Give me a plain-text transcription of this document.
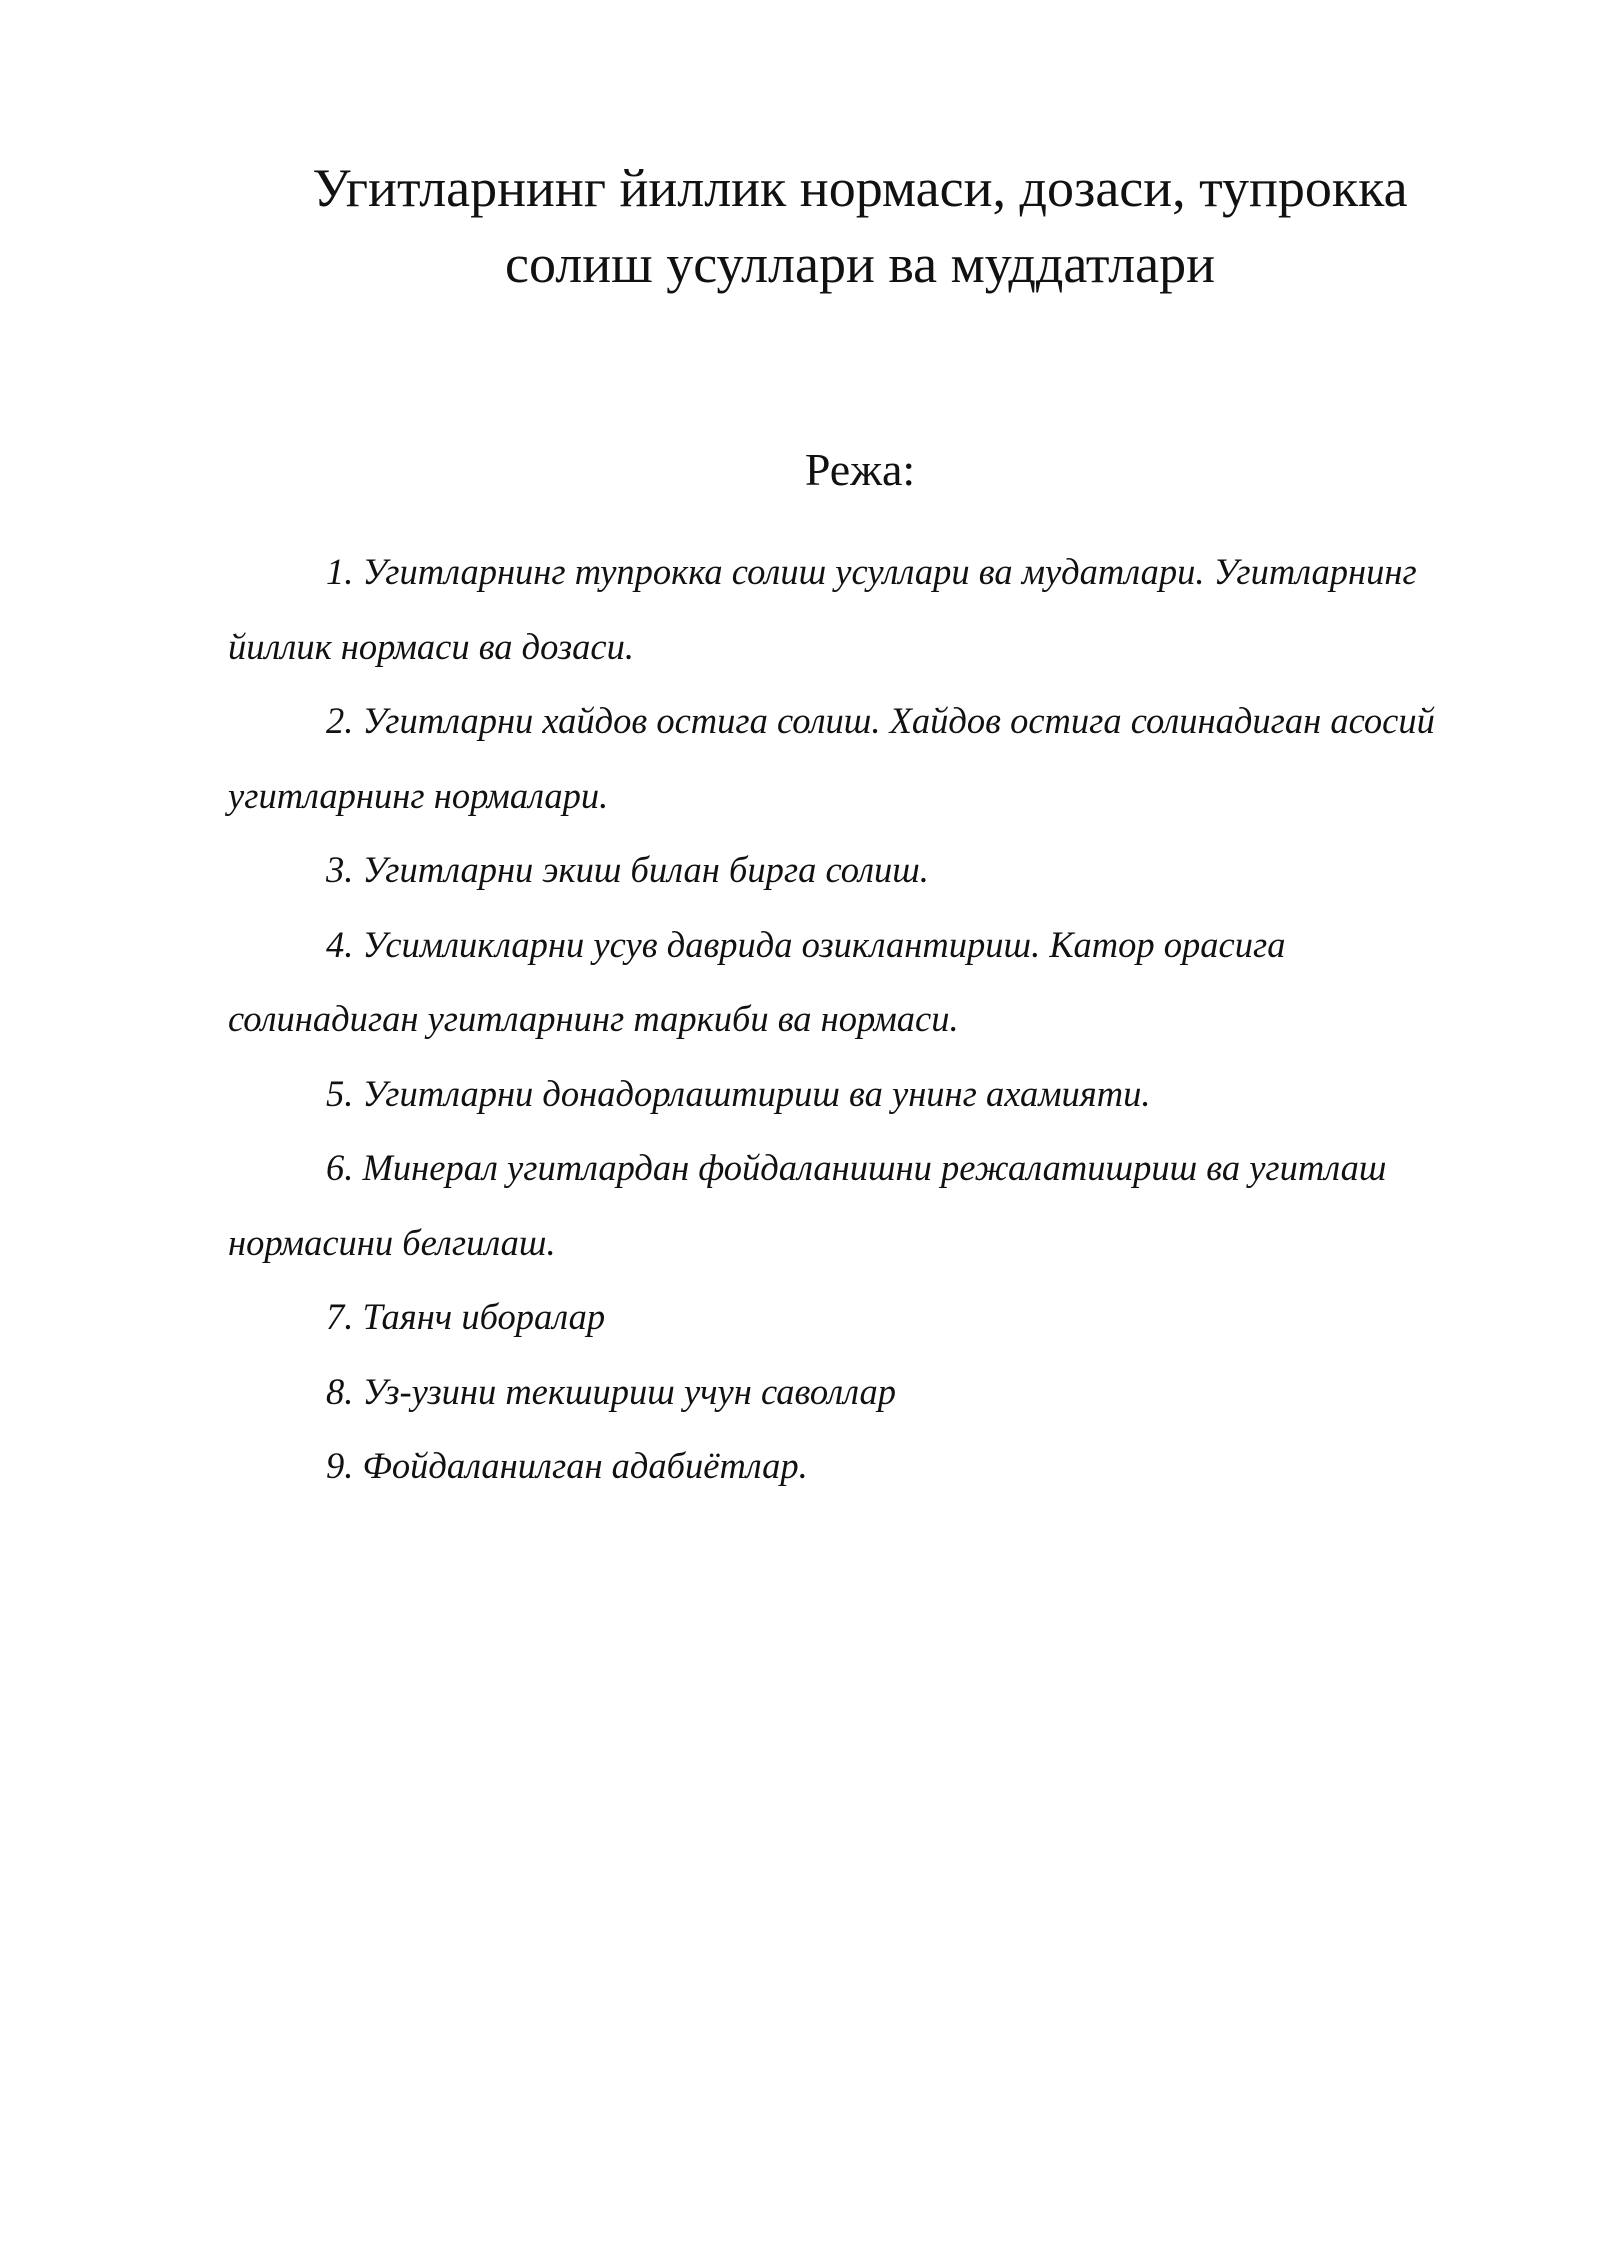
Угитларнинг йиллик нормаси, дозаси, тупрокка
солиш усуллари ва муддатлари
Режа:
1. Угитларнинг тупрокка солиш усуллари ва мудатлари. Угитларнинг йиллик нормаси ва дозаси.
2. Угитларни хайдов остига солиш. Хайдов остига солинадиган асосий угитларнинг нормалари.
3. Угитларни экиш билан бирга солиш.
4. Усимликларни усув даврида озиклантириш. Катор орасига солинадиган угитларнинг таркиби ва нормаси.
5. Угитларни донадорлаштириш ва унинг ахамияти.
6. Минерал угитлардан фойдаланишни режалатишриш ва угитлаш нормасини белгилаш.
7. Таянч иборалар
8. Уз-узини текшириш учун саволлар
9. Фойдаланилган адабиётлар.
